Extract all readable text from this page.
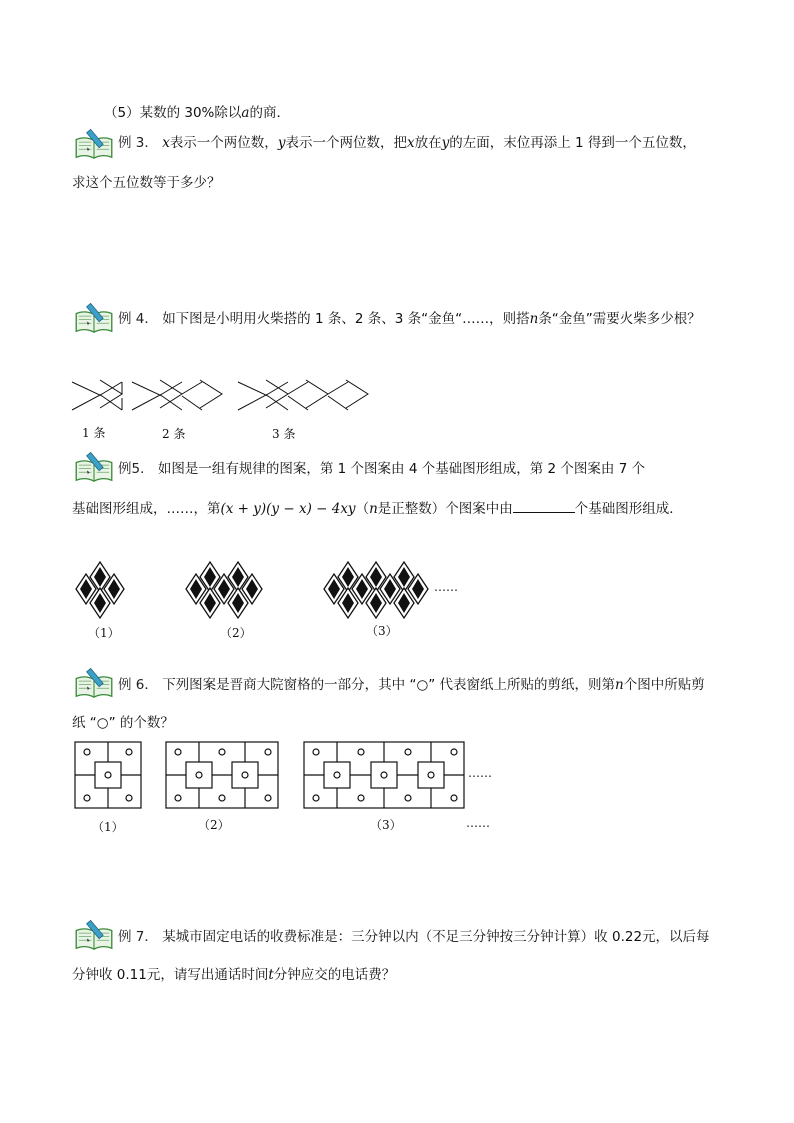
（5）某数的 30%除以a的商．
例 3． x表示一个两位数，y表示一个两位数，把x放在y的左面，末位再添上 1 得到一个五位数，
求这个五位数等于多少？
例 4． 如下图是小明用火柴搭的 1 条、2 条、3 条“金鱼“……，则搭n条“金鱼”需要火柴多少根？
1 条	2 条	3 条
例5． 如图是一组有规律的图案，第 1 个图案由 4 个基础图形组成，第 2 个图案由 7 个
基础图形组成，……，第(x + y)(y − x) − 4xy（n是正整数）个图案中由	个基础图形组成．
……
（1）	（2）	（3）
例 6． 下列图案是晋商大院窗格的一部分，其中 “○” 代表窗纸上所贴的剪纸，则第n个图中所贴剪
纸 “○” 的个数？
……
（1）	（2）	（3）	……
例 7． 某城市固定电话的收费标准是：三分钟以内（不足三分钟按三分钟计算）收 0.22元，以后每
分钟收 0.11元，请写出通话时间t分钟应交的电话费？
